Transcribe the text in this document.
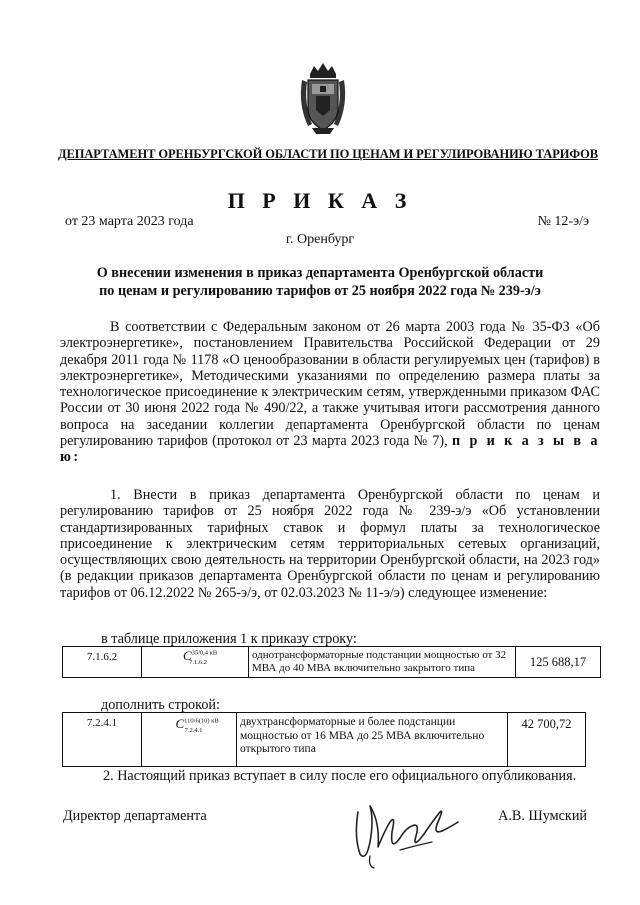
ДЕПАРТАМЕНТ ОРЕНБУРГСКОЙ ОБЛАСТИ ПО ЦЕНАМ И РЕГУЛИРОВАНИЮ ТАРИФОВ
П Р И К А З
от 23 марта 2023 года	№ 12-э/э
г. Оренбург
О внесении изменения в приказ департамента Оренбургской области
по ценам и регулированию тарифов от 25 ноября 2022 года № 239-э/э
В соответствии с Федеральным законом от 26 марта 2003 года № 35-ФЗ «Об электроэнергетике», постановлением Правительства Российской Федерации от 29 декабря 2011 года № 1178 «О ценообразовании в области регулируемых цен (тарифов) в электроэнергетике», Методическими указаниями по определению размера платы за технологическое присоединение к электрическим сетям, утвержденными приказом ФАС России от 30 июня 2022 года № 490/22, а также учитывая итоги рассмотрения данного вопроса на заседании коллегии департамента Оренбургской области по ценам регулированию тарифов (протокол от 23 марта 2023 года № 7), п р и к а з ы в а ю:
1. Внести в приказ департамента Оренбургской области по ценам и регулированию тарифов от 25 ноября 2022 года № 239-э/э «Об установлении стандартизированных тарифных ставок и формул платы за технологическое присоединение к электрическим сетям территориальных сетевых организаций, осуществляющих свою деятельность на территории Оренбургской области, на 2023 год» (в редакции приказов департамента Оренбургской области по ценам и регулированию тарифов от 06.12.2022 № 265-э/э, от 02.03.2023 № 11-э/э) следующее изменение:
в таблице приложения 1 к приказу строку:
7.1.6.2	$C^{35/0,4 кВ}_{7.1.6.2}$	однотрансформаторные подстанции мощностью от 32 МВА до 40 МВА включительно закрытого типа	125 688,17
дополнить строкой:
7.2.4.1	$C^{110/6(10) кВ}_{7.2.4.1}$	двухтрансформаторные и более подстанции мощностью от 16 МВА до 25 МВА включительно открытого типа	42 700,72
2. Настоящий приказ вступает в силу после его официального опубликования.
Директор департамента	А.В. Шумский
